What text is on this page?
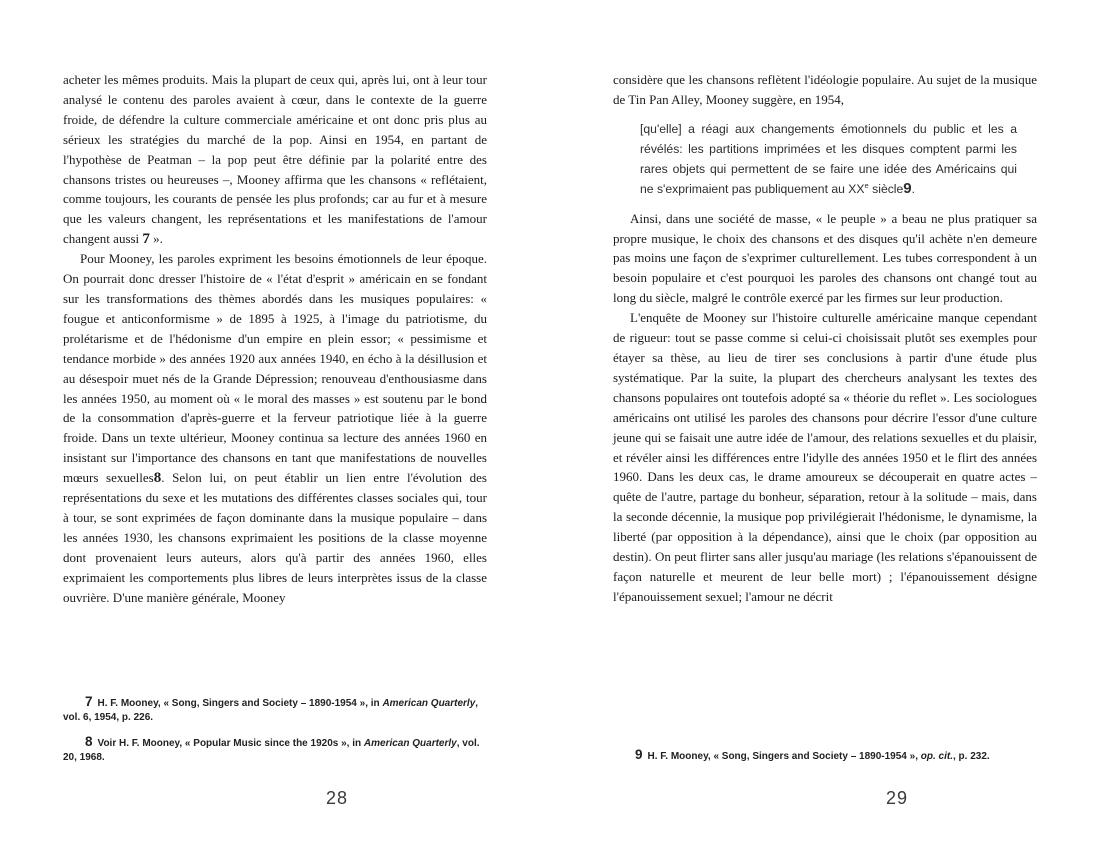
acheter les mêmes produits. Mais la plupart de ceux qui, après lui, ont à leur tour analysé le contenu des paroles avaient à cœur, dans le contexte de la guerre froide, de défendre la culture commerciale américaine et ont donc pris plus au sérieux les stratégies du marché de la pop. Ainsi en 1954, en partant de l'hypothèse de Peatman – la pop peut être définie par la polarité entre des chansons tristes ou heureuses –, Mooney affirma que les chansons « reflétaient, comme toujours, les courants de pensée les plus profonds; car au fur et à mesure que les valeurs changent, les représentations et les manifestations de l'amour changent aussi 7 ».

Pour Mooney, les paroles expriment les besoins émotionnels de leur époque. On pourrait donc dresser l'histoire de « l'état d'esprit » américain en se fondant sur les transformations des thèmes abordés dans les musiques populaires: « fougue et anticonformisme » de 1895 à 1925, à l'image du patriotisme, du prolétarisme et de l'hédonisme d'un empire en plein essor; « pessimisme et tendance morbide » des années 1920 aux années 1940, en écho à la désillusion et au désespoir muet nés de la Grande Dépression; renouveau d'enthousiasme dans les années 1950, au moment où « le moral des masses » est soutenu par le bond de la consommation d'après-guerre et la ferveur patriotique liée à la guerre froide. Dans un texte ultérieur, Mooney continua sa lecture des années 1960 en insistant sur l'importance des chansons en tant que manifestations de nouvelles mœurs sexuelles8. Selon lui, on peut établir un lien entre l'évolution des représentations du sexe et les mutations des différentes classes sociales qui, tour à tour, se sont exprimées de façon dominante dans la musique populaire – dans les années 1930, les chansons exprimaient les positions de la classe moyenne dont provenaient leurs auteurs, alors qu'à partir des années 1960, elles exprimaient les comportements plus libres de leurs interprètes issus de la classe ouvrière. D'une manière générale, Mooney

7 H. F. Mooney, « Song, Singers and Society – 1890-1954 », in American Quarterly, vol. 6, 1954, p. 226.

8 Voir H. F. Mooney, « Popular Music since the 1920s », in American Quarterly, vol. 20, 1968.

28

considère que les chansons reflètent l'idéologie populaire. Au sujet de la musique de Tin Pan Alley, Mooney suggère, en 1954,

[qu'elle] a réagi aux changements émotionnels du public et les a révélés: les partitions imprimées et les disques comptent parmi les rares objets qui permettent de se faire une idée des Américains qui ne s'exprimaient pas publiquement au XXe siècle9.

Ainsi, dans une société de masse, « le peuple » a beau ne plus pratiquer sa propre musique, le choix des chansons et des disques qu'il achète n'en demeure pas moins une façon de s'exprimer culturellement. Les tubes correspondent à un besoin populaire et c'est pourquoi les paroles des chansons ont changé tout au long du siècle, malgré le contrôle exercé par les firmes sur leur production.

L'enquête de Mooney sur l'histoire culturelle américaine manque cependant de rigueur: tout se passe comme si celui-ci choisissait plutôt ses exemples pour étayer sa thèse, au lieu de tirer ses conclusions à partir d'une étude plus systématique. Par la suite, la plupart des chercheurs analysant les textes des chansons populaires ont toutefois adopté sa « théorie du reflet ». Les sociologues américains ont utilisé les paroles des chansons pour décrire l'essor d'une culture jeune qui se faisait une autre idée de l'amour, des relations sexuelles et du plaisir, et révéler ainsi les différences entre l'idylle des années 1950 et le flirt des années 1960. Dans les deux cas, le drame amoureux se découperait en quatre actes – quête de l'autre, partage du bonheur, séparation, retour à la solitude – mais, dans la seconde décennie, la musique pop privilégierait l'hédonisme, le dynamisme, la liberté (par opposition à la dépendance), ainsi que le choix (par opposition au destin). On peut flirter sans aller jusqu'au mariage (les relations s'épanouissent de façon naturelle et meurent de leur belle mort) ; l'épanouissement désigne l'épanouissement sexuel; l'amour ne décrit

9 H. F. Mooney, « Song, Singers and Society – 1890-1954 », op. cit., p. 232.

29
